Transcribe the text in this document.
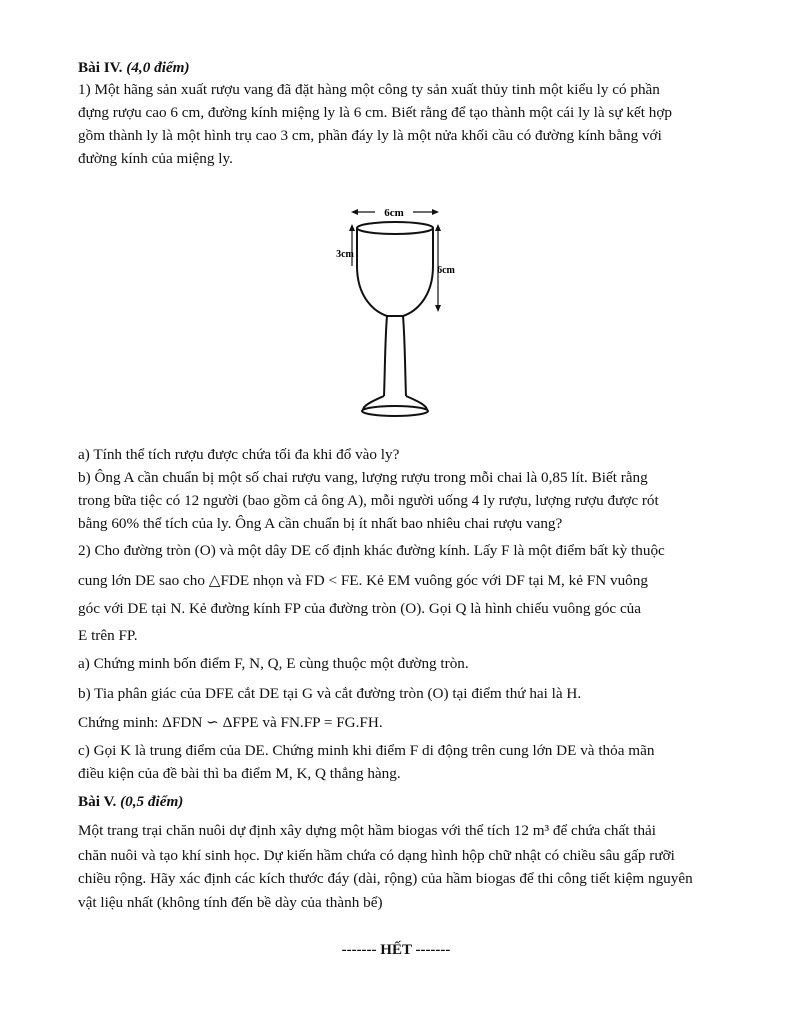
Bài IV. (4,0 điểm)
1) Một hãng sản xuất rượu vang đã đặt hàng một công ty sản xuất thủy tinh một kiểu ly có phần
đựng rượu cao 6 cm, đường kính miệng ly là 6 cm. Biết rằng để tạo thành một cái ly là sự kết hợp
gồm thành ly là một hình trụ cao 3 cm, phần đáy ly là một nửa khối cầu có đường kính bằng với
đường kính của miệng ly.
6cm
3cm
6cm
a) Tính thể tích rượu được chứa tối đa khi đổ vào ly?
b) Ông A cần chuẩn bị một số chai rượu vang, lượng rượu trong mỗi chai là 0,85 lít. Biết rằng
trong bữa tiệc có 12 người (bao gồm cả ông A), mỗi người uống 4 ly rượu, lượng rượu được rót
bằng 60% thể tích của ly. Ông A cần chuẩn bị ít nhất bao nhiêu chai rượu vang?
2) Cho đường tròn (O) và một dây DE cố định khác đường kính. Lấy F là một điểm bất kỳ thuộc
cung lớn DE sao cho △FDE nhọn và FD < FE. Kẻ EM vuông góc với DF tại M, kẻ FN vuông
góc với DE tại N. Kẻ đường kính FP của đường tròn (O). Gọi Q là hình chiếu vuông góc của
E trên FP.
a) Chứng minh bốn điểm F, N, Q, E cùng thuộc một đường tròn.
b) Tia phân giác của DFE cắt DE tại G và cắt đường tròn (O) tại điểm thứ hai là H.
Chứng minh: ΔFDN ∽ ΔFPE và FN.FP = FG.FH.
c) Gọi K là trung điểm của DE. Chứng minh khi điểm F di động trên cung lớn DE và thỏa mãn
điều kiện của đề bài thì ba điểm M, K, Q thẳng hàng.
Bài V. (0,5 điểm)
Một trang trại chăn nuôi dự định xây dựng một hầm biogas với thể tích 12 m³ để chứa chất thải
chăn nuôi và tạo khí sinh học. Dự kiến hầm chứa có dạng hình hộp chữ nhật có chiều sâu gấp rưỡi
chiều rộng. Hãy xác định các kích thước đáy (dài, rộng) của hầm biogas để thi công tiết kiệm nguyên
vật liệu nhất (không tính đến bề dày của thành bể)
------- HẾT -------
